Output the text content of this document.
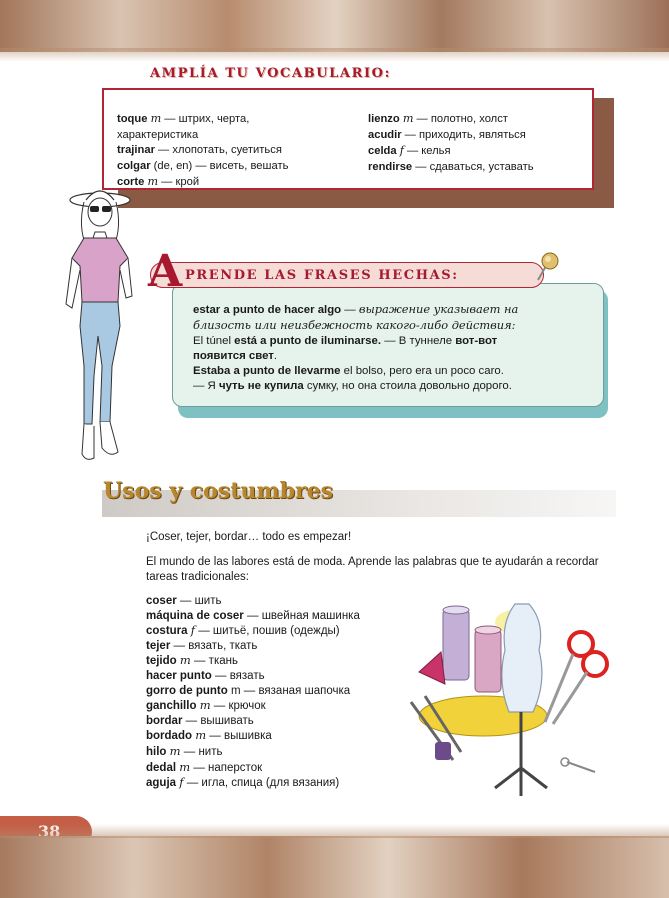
AMPLÍA TU VOCABULARIO:
toque m — штрих, черта,
характеристика
trajinar — хлопотать, суетиться
colgar (de, en) — висеть, вешать
corte m — крой
lienzo m — полотно, холст
acudir — приходить, являться
celda f — келья
rendirse — сдаваться, уставать
estar a punto de hacer algo — выражение указывает на
близость или неизбежность какого-либо действия:
El túnel está a punto de iluminarse. — В туннеле вот-вот
появится свет.
Estaba a punto de llevarme el bolso, pero era un poco caro.
— Я чуть не купила сумку, но она стоила довольно дорого.
A PRENDE LAS FRASES HECHAS:
Usos y costumbres
¡Coser, tejer, bordar… todo es empezar!
El mundo de las labores está de moda. Aprende las palabras que te ayudarán a recordar tareas tradicionales:
coser — шить
máquina de coser — швейная машинка
costura f — шитьё, пошив (одежды)
tejer — вязать, ткать
tejido m — ткань
hacer punto — вязать
gorro de punto m — вязаная шапочка
ganchillo m — крючок
bordar — вышивать
bordado m — вышивка
hilo m — нить
dedal m — наперсток
aguja f — игла, спица (для вязания)
